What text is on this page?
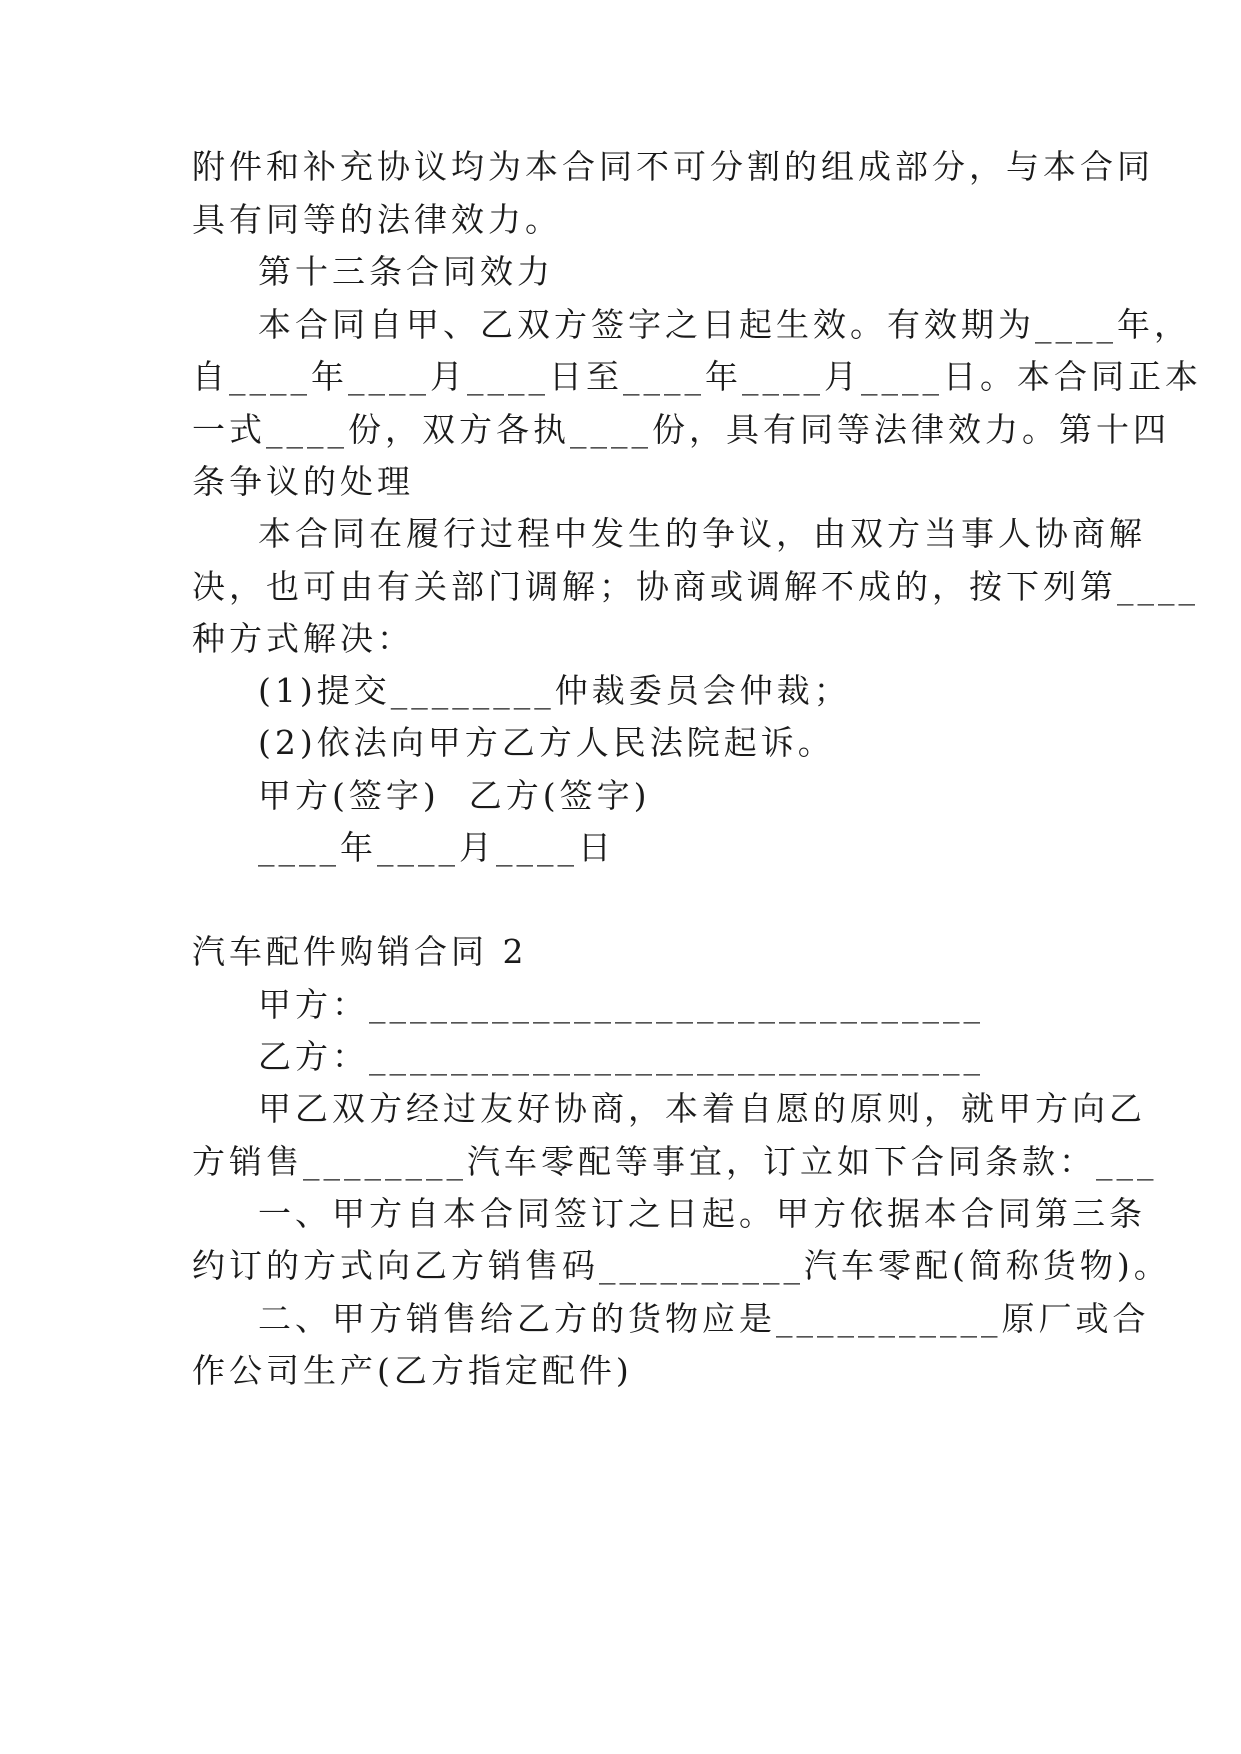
附件和补充协议均为本合同不可分割的组成部分，与本合同
具有同等的法律效力。
第十三条合同效力
本合同自甲、乙双方签字之日起生效。有效期为____年，
自____年____月____日至____年____月____日。本合同正本
一式____份，双方各执____份，具有同等法律效力。第十四
条争议的处理
本合同在履行过程中发生的争议，由双方当事人协商解
决，也可由有关部门调解；协商或调解不成的，按下列第____
种方式解决：
(1)提交________仲裁委员会仲裁；
(2)依法向甲方乙方人民法院起诉。
甲方(签字)  乙方(签字)
____年____月____日
汽车配件购销合同 2
甲方：______________________________
乙方：______________________________
甲乙双方经过友好协商，本着自愿的原则，就甲方向乙
方销售________汽车零配等事宜，订立如下合同条款：___
一、甲方自本合同签订之日起。甲方依据本合同第三条
约订的方式向乙方销售码__________汽车零配(简称货物)。
二、甲方销售给乙方的货物应是___________原厂或合
作公司生产(乙方指定配件)
